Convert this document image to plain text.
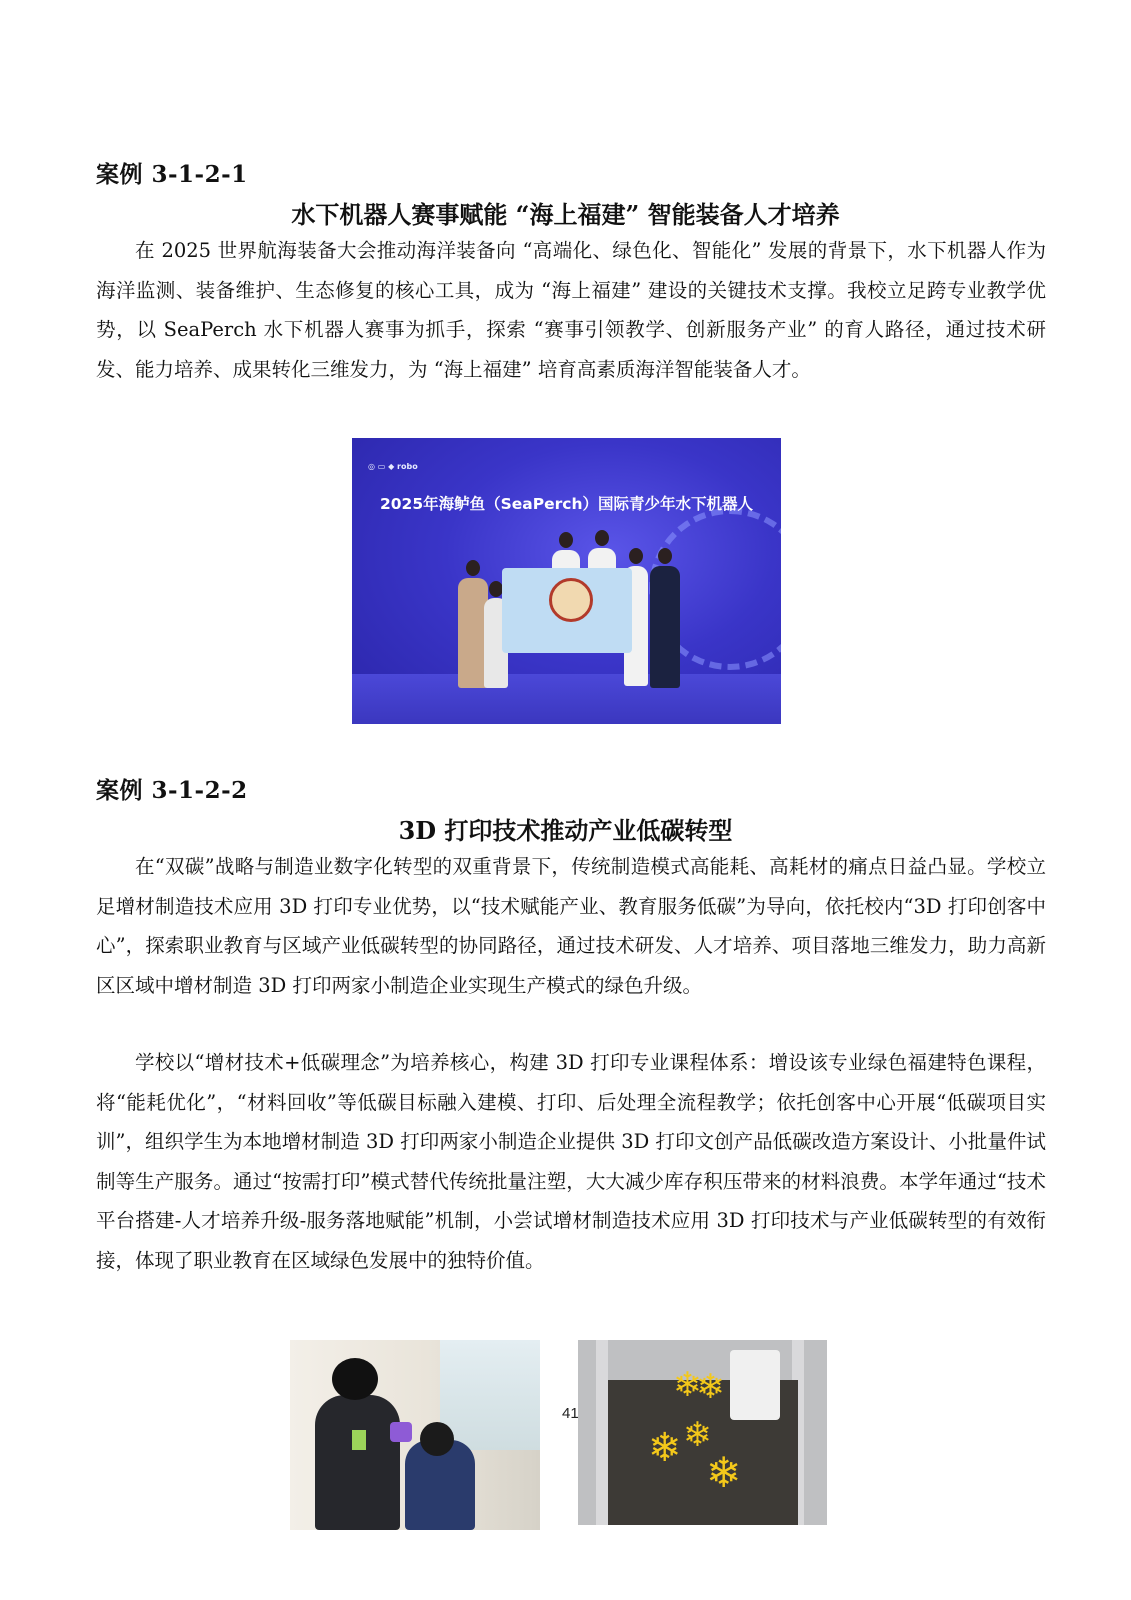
案例 3-1-2-1
水下机器人赛事赋能 “海上福建” 智能装备人才培养

在 2025 世界航海装备大会推动海洋装备向 “高端化、绿色化、智能化” 发展的背景下，水下机器人作为海洋监测、装备维护、生态修复的核心工具，成为 “海上福建” 建设的关键技术支撑。我校立足跨专业教学优势，以 SeaPerch 水下机器人赛事为抓手，探索 “赛事引领教学、创新服务产业” 的育人路径，通过技术研发、能力培养、成果转化三维发力，为 “海上福建” 培育高素质海洋智能装备人才。

◎ ▭ ◆ robo
2025年海鲈鱼（SeaPerch）国际青少年水下机器人
案例 3-1-2-2
3D 打印技术推动产业低碳转型

在“双碳”战略与制造业数字化转型的双重背景下，传统制造模式高能耗、高耗材的痛点日益凸显。学校立足增材制造技术应用 3D 打印专业优势，以“技术赋能产业、教育服务低碳”为导向，依托校内“3D 打印创客中心”，探索职业教育与区域产业低碳转型的协同路径，通过技术研发、人才培养、项目落地三维发力，助力高新区区域中增材制造 3D 打印两家小制造企业实现生产模式的绿色升级。

学校以“增材技术+低碳理念”为培养核心，构建 3D 打印专业课程体系：增设该专业绿色福建特色课程，将“能耗优化”，“材料回收”等低碳目标融入建模、打印、后处理全流程教学；依托创客中心开展“低碳项目实训”，组织学生为本地增材制造 3D 打印两家小制造企业提供 3D 打印文创产品低碳改造方案设计、小批量件试制等生产服务。通过“按需打印”模式替代传统批量注塑，大大减少库存积压带来的材料浪费。本学年通过“技术平台搭建-人才培养升级-服务落地赋能”机制，小尝试增材制造技术应用 3D 打印技术与产业低碳转型的有效衔接，体现了职业教育在区域绿色发展中的独特价值。

❄
❄
❄ ❄
❄
41
